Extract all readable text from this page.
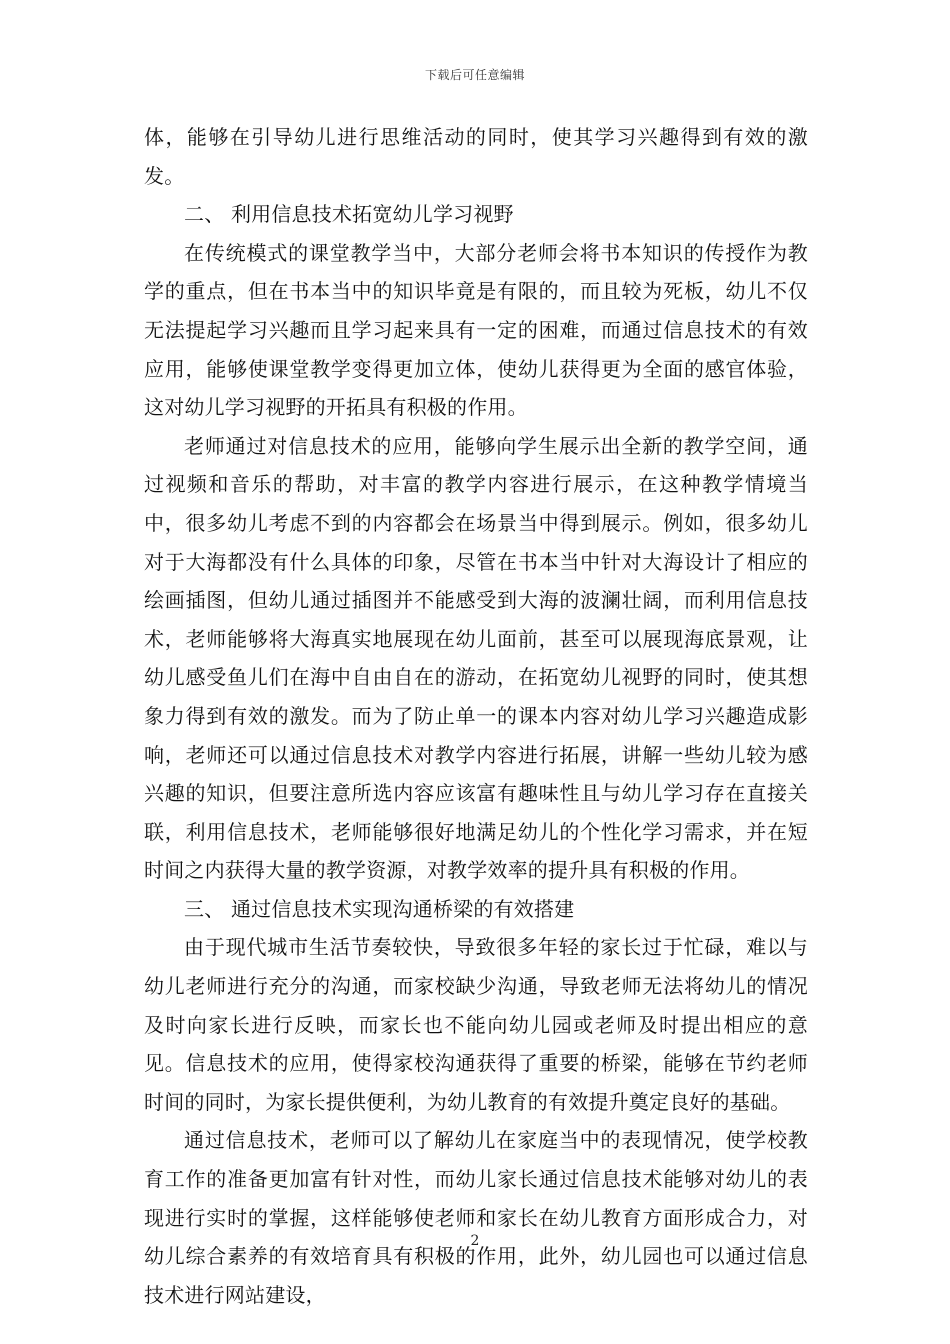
下载后可任意编辑

体，能够在引导幼儿进行思维活动的同时，使其学习兴趣得到有效的激发。

二、 利用信息技术拓宽幼儿学习视野

在传统模式的课堂教学当中，大部分老师会将书本知识的传授作为教学的重点，但在书本当中的知识毕竟是有限的，而且较为死板，幼儿不仅无法提起学习兴趣而且学习起来具有一定的困难，而通过信息技术的有效应用，能够使课堂教学变得更加立体，使幼儿获得更为全面的感官体验，这对幼儿学习视野的开拓具有积极的作用。

老师通过对信息技术的应用，能够向学生展示出全新的教学空间，通过视频和音乐的帮助，对丰富的教学内容进行展示，在这种教学情境当中，很多幼儿考虑不到的内容都会在场景当中得到展示。例如，很多幼儿对于大海都没有什么具体的印象，尽管在书本当中针对大海设计了相应的绘画插图，但幼儿通过插图并不能感受到大海的波澜壮阔，而利用信息技术，老师能够将大海真实地展现在幼儿面前，甚至可以展现海底景观，让幼儿感受鱼儿们在海中自由自在的游动，在拓宽幼儿视野的同时，使其想象力得到有效的激发。而为了防止单一的课本内容对幼儿学习兴趣造成影响，老师还可以通过信息技术对教学内容进行拓展，讲解一些幼儿较为感兴趣的知识，但要注意所选内容应该富有趣味性且与幼儿学习存在直接关联，利用信息技术，老师能够很好地满足幼儿的个性化学习需求，并在短时间之内获得大量的教学资源，对教学效率的提升具有积极的作用。

三、 通过信息技术实现沟通桥梁的有效搭建

由于现代城市生活节奏较快，导致很多年轻的家长过于忙碌，难以与幼儿老师进行充分的沟通，而家校缺少沟通，导致老师无法将幼儿的情况及时向家长进行反映，而家长也不能向幼儿园或老师及时提出相应的意见。信息技术的应用，使得家校沟通获得了重要的桥梁，能够在节约老师时间的同时，为家长提供便利，为幼儿教育的有效提升奠定良好的基础。

通过信息技术，老师可以了解幼儿在家庭当中的表现情况，使学校教育工作的准备更加富有针对性，而幼儿家长通过信息技术能够对幼儿的表现进行实时的掌握，这样能够使老师和家长在幼儿教育方面形成合力，对幼儿综合素养的有效培育具有积极的作用，此外，幼儿园也可以通过信息技术进行网站建设，

2
